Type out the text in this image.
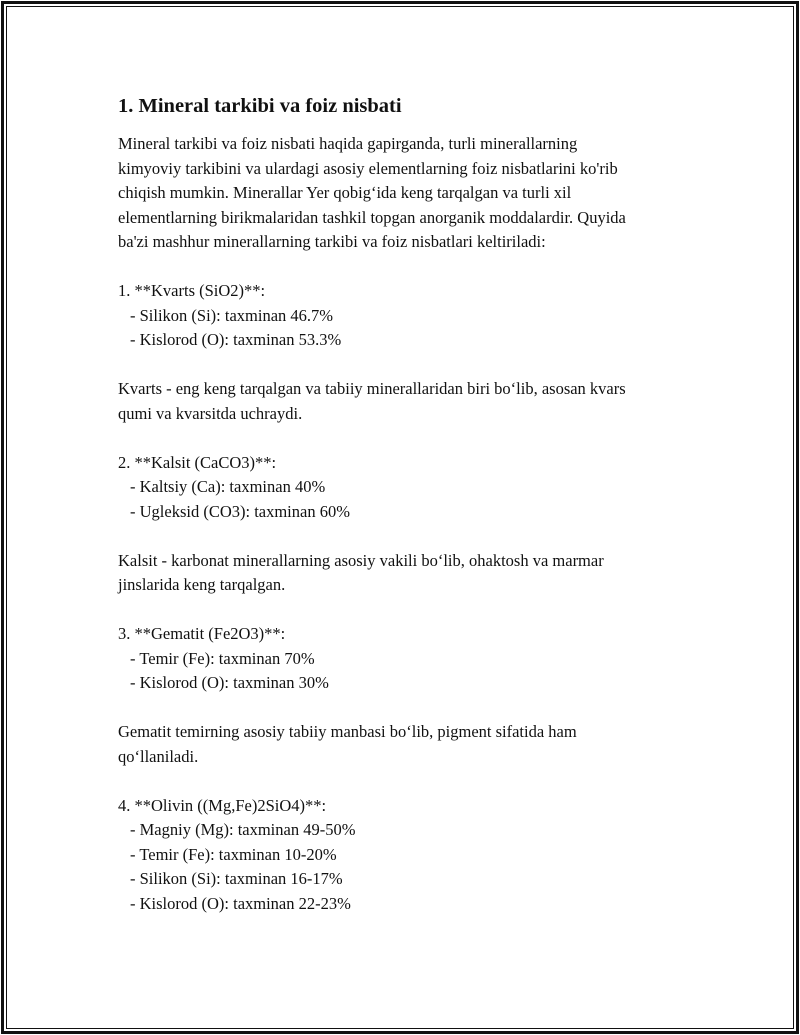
1. Mineral tarkibi va foiz nisbati

Mineral tarkibi va foiz nisbati haqida gapirganda, turli minerallarning

kimyoviy tarkibini va ulardagi asosiy elementlarning foiz nisbatlarini ko'rib

chiqish mumkin. Minerallar Yer qobig‘ida keng tarqalgan va turli xil

elementlarning birikmalaridan tashkil topgan anorganik moddalardir. Quyida

ba'zi mashhur minerallarning tarkibi va foiz nisbatlari keltiriladi:

1. **Kvarts (SiO2)**:

- Silikon (Si): taxminan 46.7%

- Kislorod (O): taxminan 53.3%

Kvarts - eng keng tarqalgan va tabiiy minerallaridan biri bo‘lib, asosan kvars

qumi va kvarsitda uchraydi.

2. **Kalsit (CaCO3)**:

- Kaltsiy (Ca): taxminan 40%

- Ugleksid (CO3): taxminan 60%

Kalsit - karbonat minerallarning asosiy vakili bo‘lib, ohaktosh va marmar

jinslarida keng tarqalgan.

3. **Gematit (Fe2O3)**:

- Temir (Fe): taxminan 70%

- Kislorod (O): taxminan 30%

Gematit temirning asosiy tabiiy manbasi bo‘lib, pigment sifatida ham

qo‘llaniladi.

4. **Olivin ((Mg,Fe)2SiO4)**:

- Magniy (Mg): taxminan 49-50%

- Temir (Fe): taxminan 10-20%

- Silikon (Si): taxminan 16-17%

- Kislorod (O): taxminan 22-23%
